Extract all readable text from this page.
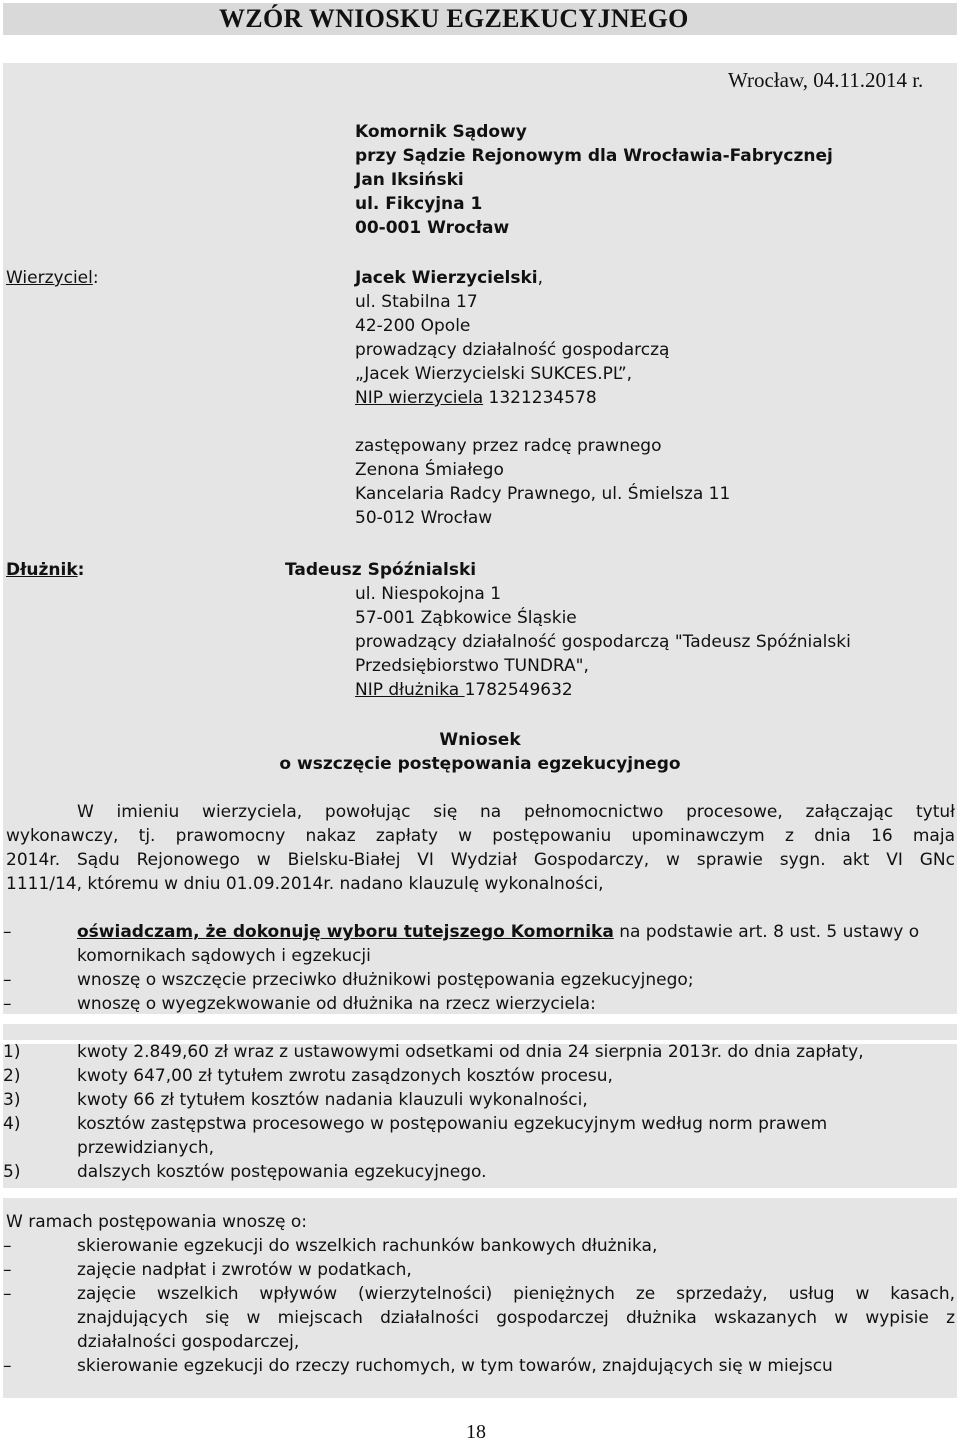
WZÓR WNIOSKU EGZEKUCYJNEGO
Wrocław, 04.11.2014 r.
Komornik Sądowy
przy Sądzie Rejonowym dla Wrocławia-Fabrycznej
Jan Iksiński
ul. Fikcyjna 1
00-001 Wrocław
Wierzyciel:	Jacek Wierzycielski,
ul. Stabilna 17
42-200 Opole
prowadzący działalność gospodarczą
„Jacek Wierzycielski SUKCES.PL”,
NIP wierzyciela 1321234578
zastępowany przez radcę prawnego
Zenona Śmiałego
Kancelaria Radcy Prawnego, ul. Śmielsza 11
50-012 Wrocław
Dłużnik:	Tadeusz Spóźnialski
ul. Niespokojna 1
57-001 Ząbkowice Śląskie
prowadzący działalność gospodarczą "Tadeusz Spóźnialski
Przedsiębiorstwo TUNDRA",
NIP dłużnika 1782549632
Wniosek
o wszczęcie postępowania egzekucyjnego
W imieniu wierzyciela, powołując się na pełnomocnictwo procesowe, załączając tytuł
wykonawczy, tj. prawomocny nakaz zapłaty w postępowaniu upominawczym z dnia 16 maja
2014r. Sądu Rejonowego w Bielsku-Białej VI Wydział Gospodarczy, w sprawie sygn. akt VI GNc
1111/14, któremu w dniu 01.09.2014r. nadano klauzulę wykonalności,
–	oświadczam, że dokonuję wyboru tutejszego Komornika na podstawie art. 8 ust. 5 ustawy o
komornikach sądowych i egzekucji
–	wnoszę o wszczęcie przeciwko dłużnikowi postępowania egzekucyjnego;
–	wnoszę o wyegzekwowanie od dłużnika na rzecz wierzyciela:
1)	kwoty 2.849,60 zł wraz z ustawowymi odsetkami od dnia 24 sierpnia 2013r. do dnia zapłaty,
2)	kwoty 647,00 zł tytułem zwrotu zasądzonych kosztów procesu,
3)	kwoty 66 zł tytułem kosztów nadania klauzuli wykonalności,
4)	kosztów zastępstwa procesowego w postępowaniu egzekucyjnym według norm prawem
przewidzianych,
5)	dalszych kosztów postępowania egzekucyjnego.
W ramach postępowania wnoszę o:
–	skierowanie egzekucji do wszelkich rachunków bankowych dłużnika,
–	zajęcie nadpłat i zwrotów w podatkach,
–	zajęcie wszelkich wpływów (wierzytelności) pieniężnych ze sprzedaży, usług w kasach,
znajdujących się w miejscach działalności gospodarczej dłużnika wskazanych w wypisie z
działalności gospodarczej,
–	skierowanie egzekucji do rzeczy ruchomych, w tym towarów, znajdujących się w miejscu
18
